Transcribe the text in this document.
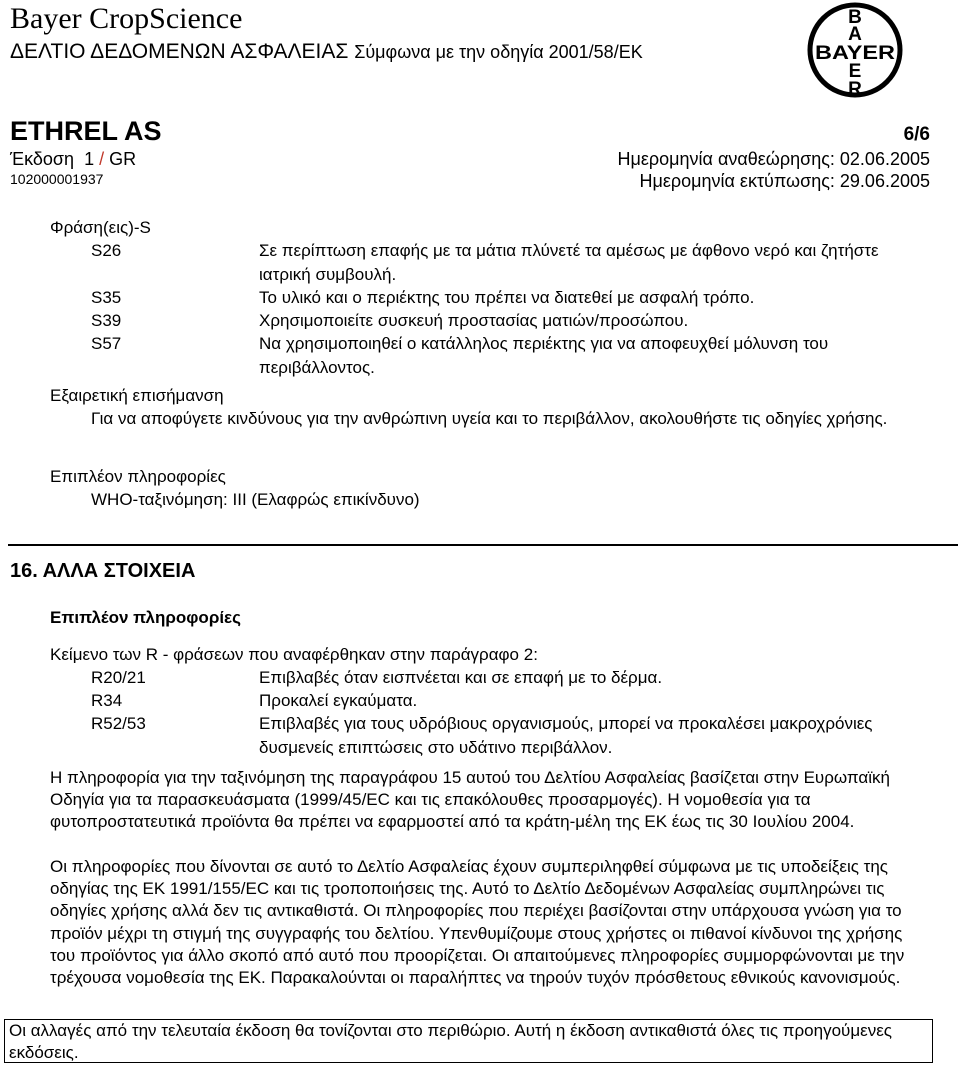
Bayer CropScience
ΔΕΛΤΙΟ ΔΕΔΟΜΕΝΩΝ ΑΣΦΑΛΕΙΑΣ Σύμφωνα με την οδηγία 2001/58/ΕΚ
B
A
BAYER
E
R
ETHREL AS	6/6
Έκδοση 1 / GR	Ημερομηνία αναθεώρησης: 02.06.2005
102000001937	Ημερομηνία εκτύπωσης: 29.06.2005
Φράση(εις)-S
S26	Σε περίπτωση επαφής με τα μάτια πλύνετέ τα αμέσως με άφθονο νερό και ζητήστε ιατρική συμβουλή.
S35	Το υλικό και ο περιέκτης του πρέπει να διατεθεί με ασφαλή τρόπο.
S39	Χρησιμοποιείτε συσκευή προστασίας ματιών/προσώπου.
S57	Να χρησιμοποιηθεί ο κατάλληλος περιέκτης για να αποφευχθεί μόλυνση του περιβάλλοντος.
Εξαιρετική επισήμανση
Για να αποφύγετε κινδύνους για την ανθρώπινη υγεία και το περιβάλλον, ακολουθήστε τις οδηγίες χρήσης.
Επιπλέον πληροφορίες
WHO-ταξινόμηση: III (Ελαφρώς επικίνδυνο)
16. ΑΛΛΑ ΣΤΟΙΧΕΙΑ
Επιπλέον πληροφορίες
Κείμενο των R - φράσεων που αναφέρθηκαν στην παράγραφο 2:
R20/21	Επιβλαβές όταν εισπνέεται και σε επαφή με το δέρμα.
R34	Προκαλεί εγκαύματα.
R52/53	Επιβλαβές για τους υδρόβιους οργανισμούς, μπορεί να προκαλέσει μακροχρόνιες δυσμενείς επιπτώσεις στο υδάτινο περιβάλλον.
Η πληροφορία για την ταξινόμηση της παραγράφου 15 αυτού του Δελτίου Ασφαλείας βασίζεται στην Ευρωπαϊκή Οδηγία για τα παρασκευάσματα (1999/45/EC και τις επακόλουθες προσαρμογές). Η νομοθεσία για τα φυτοπροστατευτικά προϊόντα θα πρέπει να εφαρμοστεί από τα κράτη-μέλη της ΕΚ έως τις 30 Ιουλίου 2004.
Οι πληροφορίες που δίνονται σε αυτό το Δελτίο Ασφαλείας έχουν συμπεριληφθεί σύμφωνα με τις υποδείξεις της οδηγίας της ΕΚ 1991/155/EC και τις τροποποιήσεις της. Αυτό το Δελτίο Δεδομένων Ασφαλείας συμπληρώνει τις οδηγίες χρήσης αλλά δεν τις αντικαθιστά. Οι πληροφορίες που περιέχει βασίζονται στην υπάρχουσα γνώση για το προϊόν μέχρι τη στιγμή της συγγραφής του δελτίου. Υπενθυμίζουμε στους χρήστες οι πιθανοί κίνδυνοι της χρήσης του προϊόντος για άλλο σκοπό από αυτό που προορίζεται. Οι απαιτούμενες πληροφορίες συμμορφώνονται με την τρέχουσα νομοθεσία της ΕΚ. Παρακαλούνται οι παραλήπτες να τηρούν τυχόν πρόσθετους εθνικούς κανονισμούς.
Οι αλλαγές από την τελευταία έκδοση θα τονίζονται στο περιθώριο. Αυτή η έκδοση αντικαθιστά όλες τις προηγούμενες εκδόσεις.
